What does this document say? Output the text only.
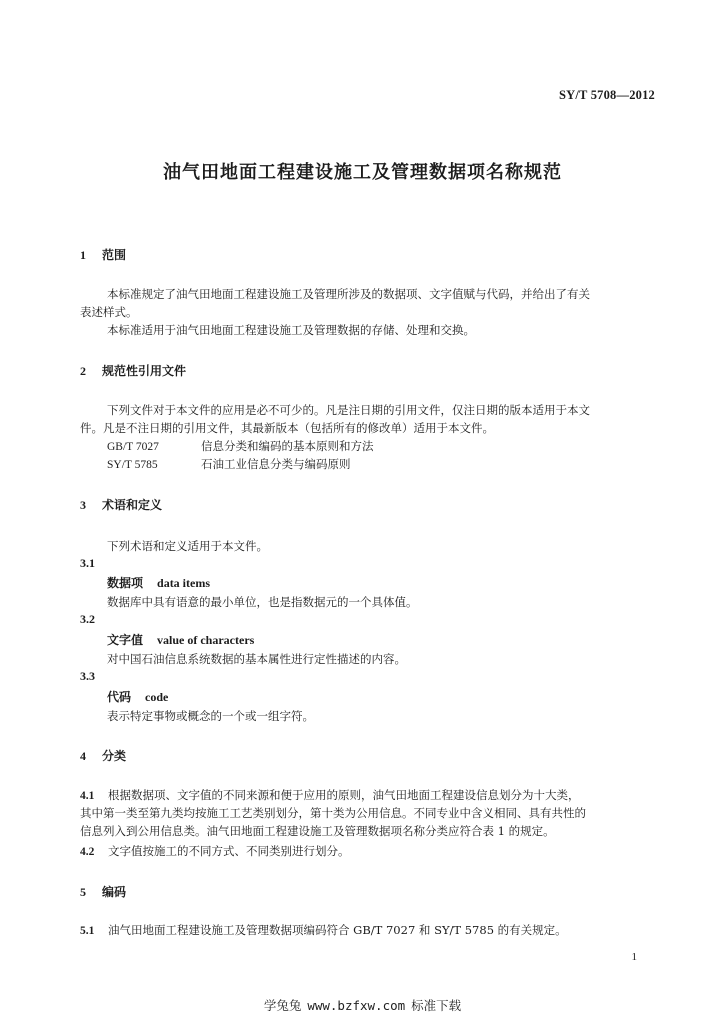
SY/T 5708—2012
油气田地面工程建设施工及管理数据项名称规范
1 范围
本标准规定了油气田地面工程建设施工及管理所涉及的数据项、文字值赋与代码，并给出了有关
表述样式。
本标准适用于油气田地面工程建设施工及管理数据的存储、处理和交换。
2 规范性引用文件
下列文件对于本文件的应用是必不可少的。凡是注日期的引用文件，仅注日期的版本适用于本文
件。凡是不注日期的引用文件，其最新版本（包括所有的修改单）适用于本文件。
GB/T 7027	信息分类和编码的基本原则和方法
SY/T 5785	石油工业信息分类与编码原则
3 术语和定义
下列术语和定义适用于本文件。
3.1
数据项 data items
数据库中具有语意的最小单位，也是指数据元的一个具体值。
3.2
文字值 value of characters
对中国石油信息系统数据的基本属性进行定性描述的内容。
3.3
代码 code
表示特定事物或概念的一个或一组字符。
4 分类
4.1 根据数据项、文字值的不同来源和便于应用的原则，油气田地面工程建设信息划分为十大类，
其中第一类至第九类均按施工工艺类别划分，第十类为公用信息。不同专业中含义相同、具有共性的
信息列入到公用信息类。油气田地面工程建设施工及管理数据项名称分类应符合表 1 的规定。
4.2 文字值按施工的不同方式、不同类别进行划分。
5 编码
5.1 油气田地面工程建设施工及管理数据项编码符合 GB/T 7027 和 SY/T 5785 的有关规定。
1
学兔兔 www.bzfxw.com 标准下载
